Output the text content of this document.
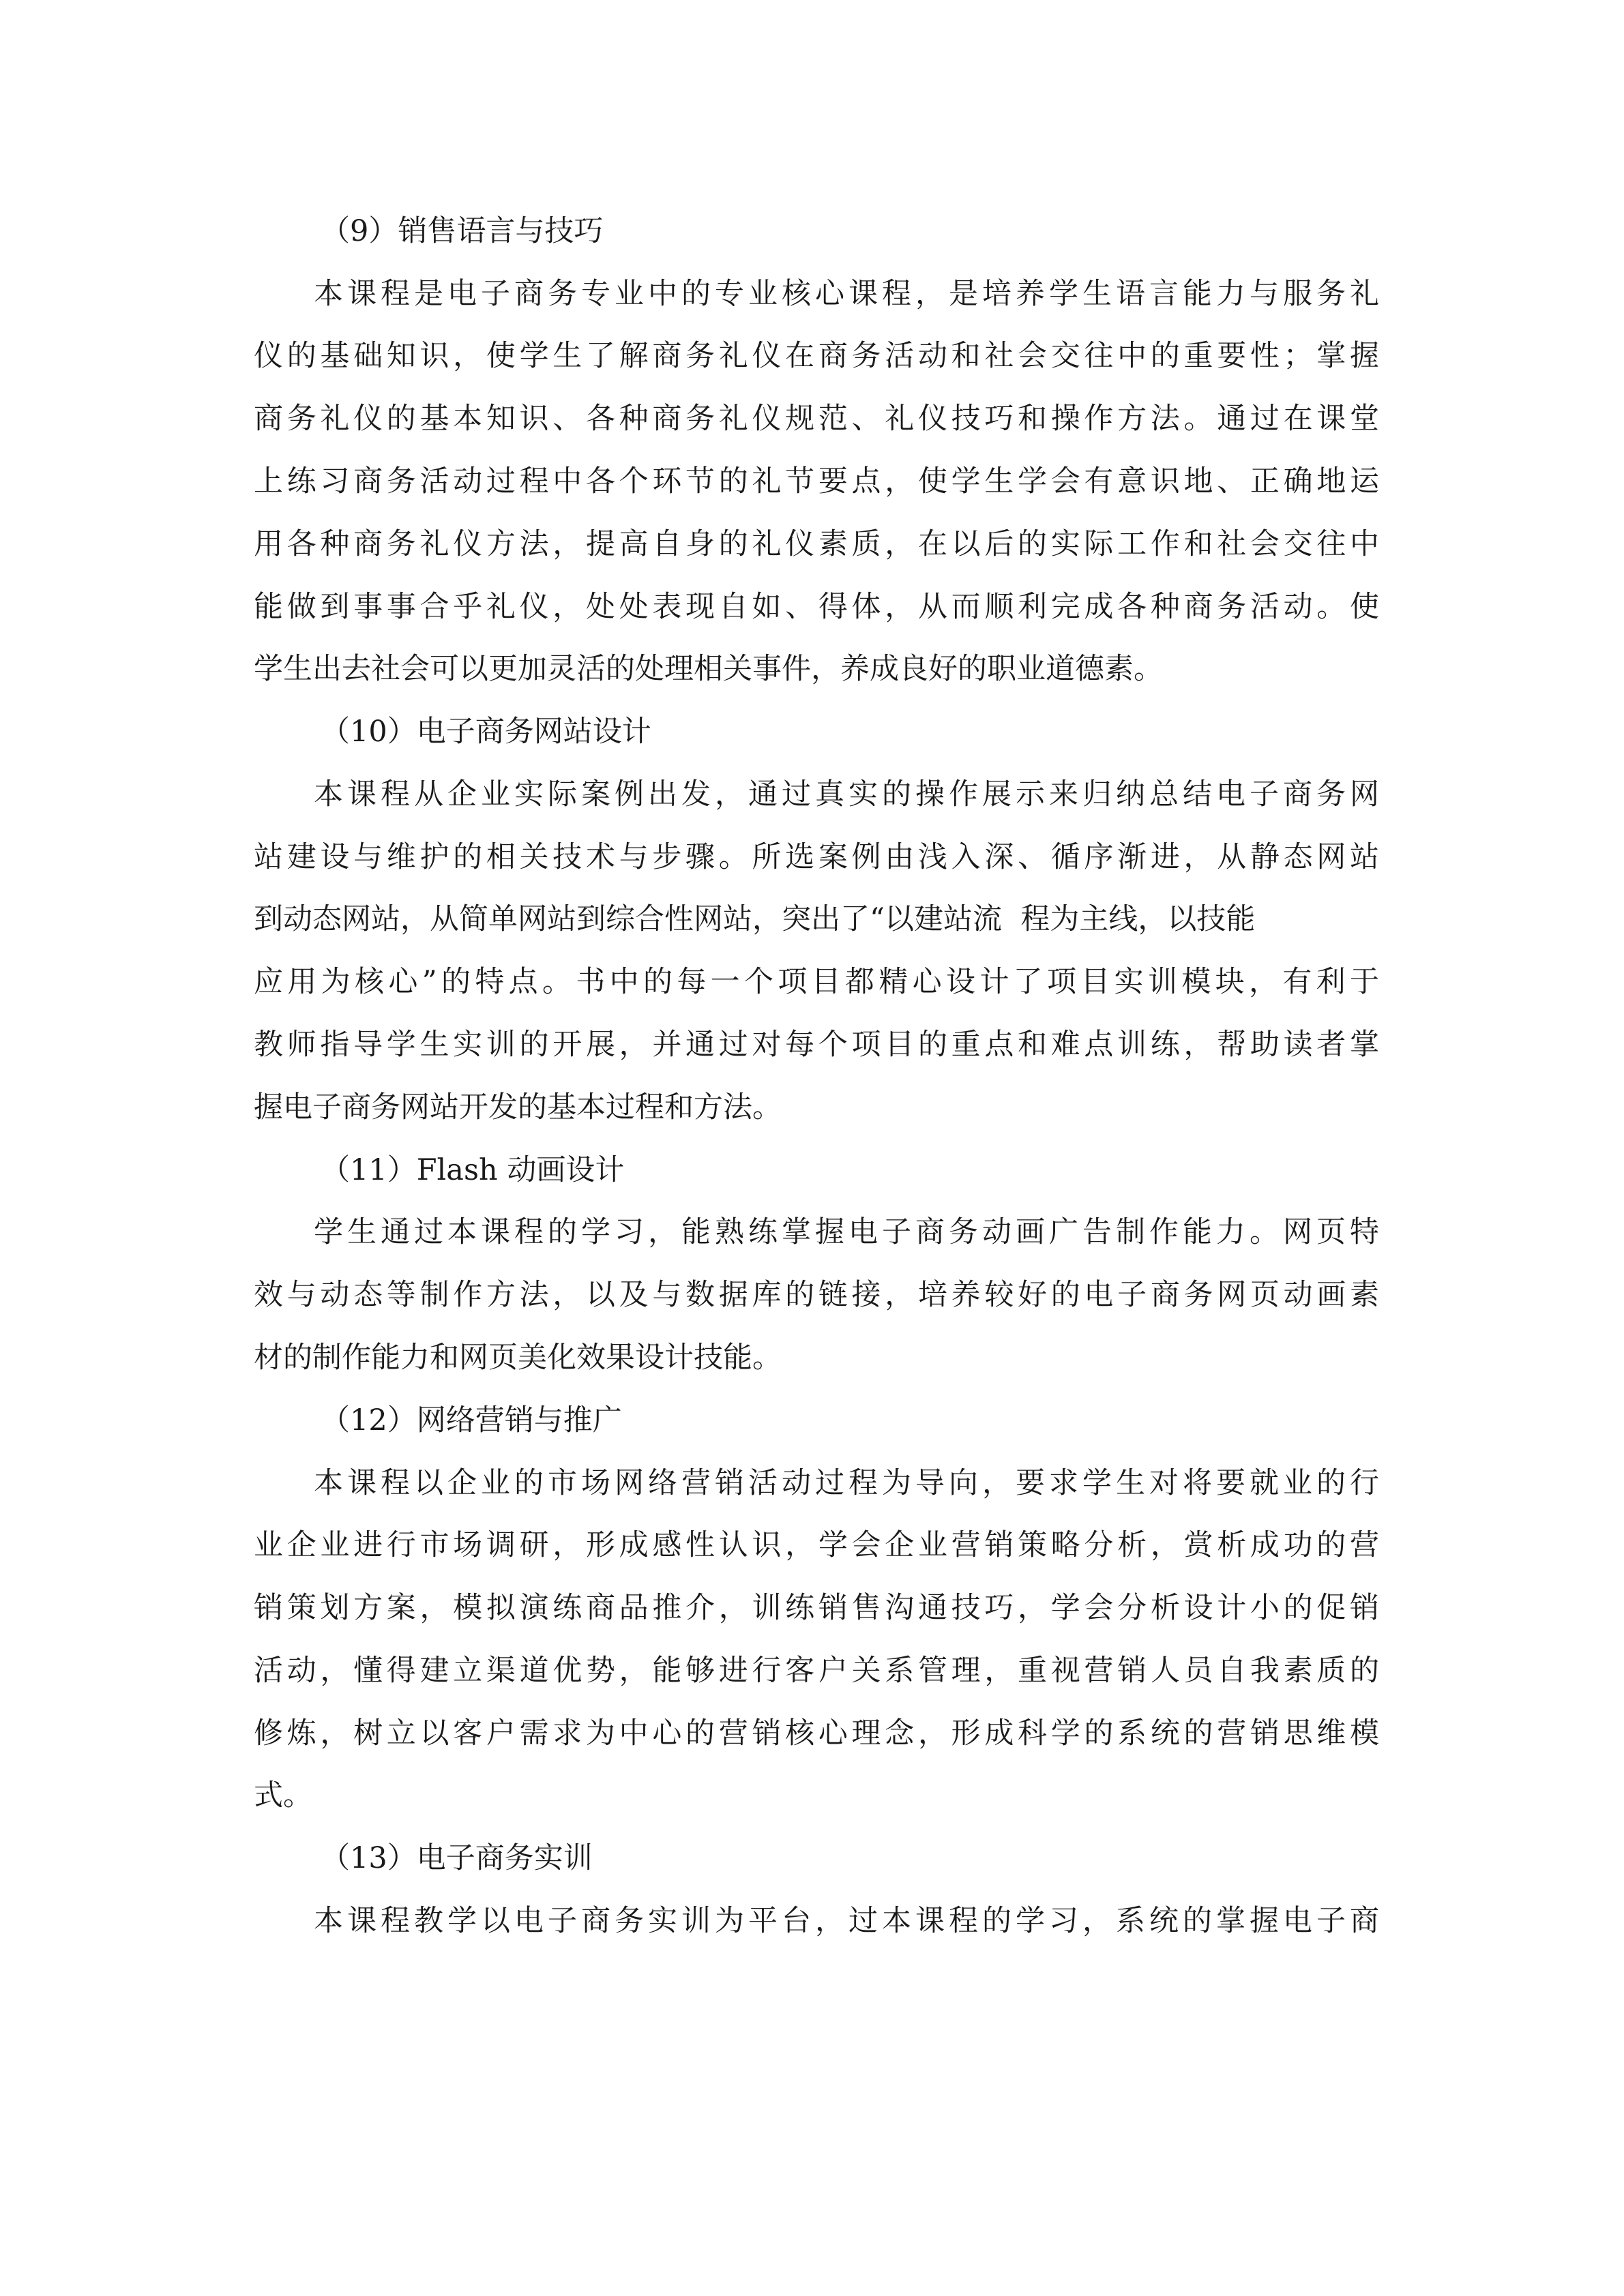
（9）销售语言与技巧
本课程是电子商务专业中的专业核心课程，是培养学生语言能力与服务礼
仪的基础知识，使学生了解商务礼仪在商务活动和社会交往中的重要性；掌握
商务礼仪的基本知识、各种商务礼仪规范、礼仪技巧和操作方法。通过在课堂
上练习商务活动过程中各个环节的礼节要点，使学生学会有意识地、正确地运
用各种商务礼仪方法，提高自身的礼仪素质，在以后的实际工作和社会交往中
能做到事事合乎礼仪，处处表现自如、得体，从而顺利完成各种商务活动。使
学生出去社会可以更加灵活的处理相关事件，养成良好的职业道德素。
（10）电子商务网站设计
本课程从企业实际案例出发，通过真实的操作展示来归纳总结电子商务网
站建设与维护的相关技术与步骤。所选案例由浅入深、循序渐进，从静态网站
到动态网站，从简单网站到综合性网站，突出了“以建站流  程为主线，以技能
应用为核心”的特点。书中的每一个项目都精心设计了项目实训模块，有利于
教师指导学生实训的开展，并通过对每个项目的重点和难点训练，帮助读者掌
握电子商务网站开发的基本过程和方法。
（11）Flash 动画设计
学生通过本课程的学习，能熟练掌握电子商务动画广告制作能力。网页特
效与动态等制作方法，以及与数据库的链接，培养较好的电子商务网页动画素
材的制作能力和网页美化效果设计技能。
（12）网络营销与推广
本课程以企业的市场网络营销活动过程为导向，要求学生对将要就业的行
业企业进行市场调研，形成感性认识，学会企业营销策略分析，赏析成功的营
销策划方案，模拟演练商品推介，训练销售沟通技巧，学会分析设计小的促销
活动，懂得建立渠道优势，能够进行客户关系管理，重视营销人员自我素质的
修炼，树立以客户需求为中心的营销核心理念，形成科学的系统的营销思维模
式。
（13）电子商务实训
本课程教学以电子商务实训为平台，过本课程的学习，系统的掌握电子商
